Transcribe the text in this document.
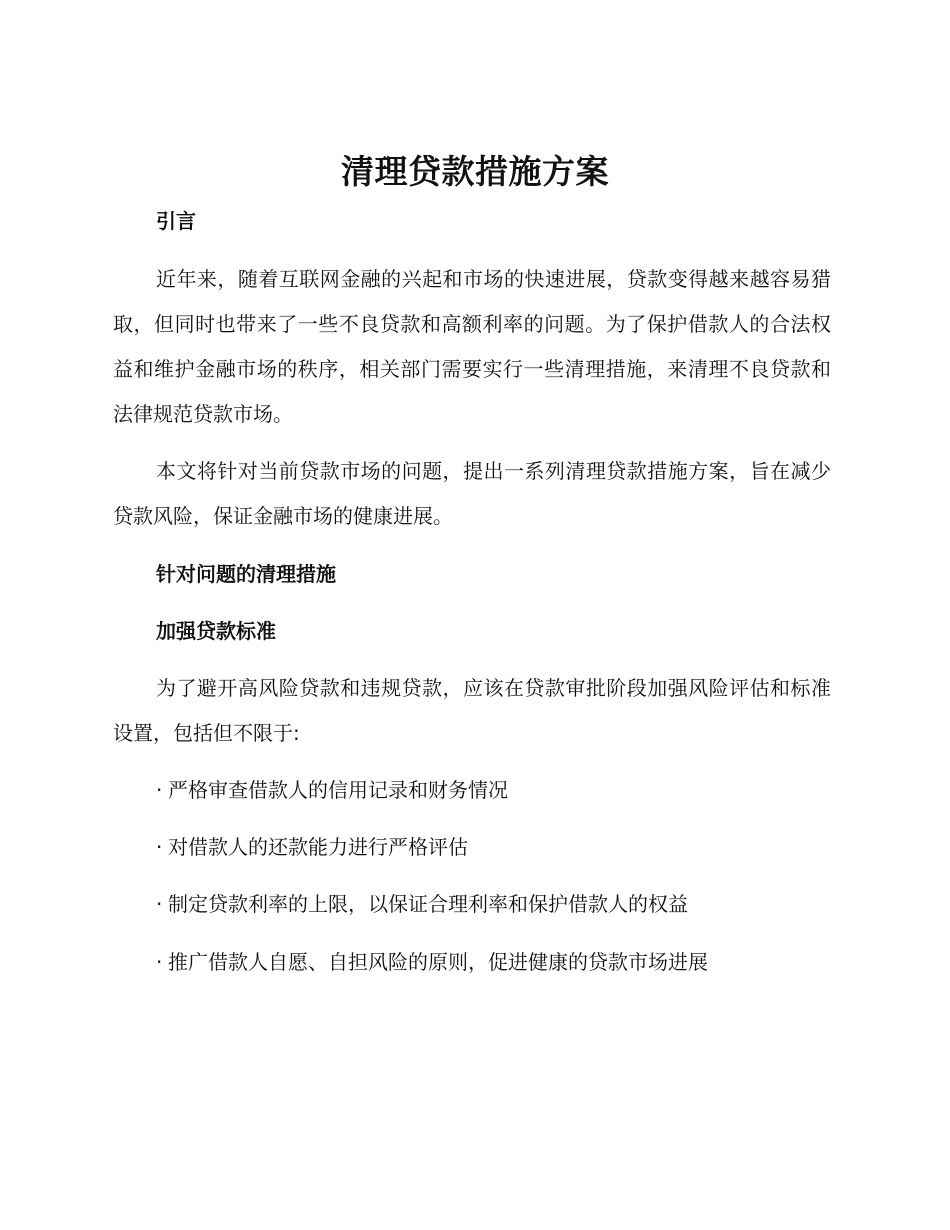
清理贷款措施方案
引言

近年来，随着互联网金融的兴起和市场的快速进展，贷款变得越来越容易猎取，但同时也带来了一些不良贷款和高额利率的问题。为了保护借款人的合法权益和维护金融市场的秩序，相关部门需要实行一些清理措施，来清理不良贷款和法律规范贷款市场。

本文将针对当前贷款市场的问题，提出一系列清理贷款措施方案，旨在减少贷款风险，保证金融市场的健康进展。

针对问题的清理措施
加强贷款标准

为了避开高风险贷款和违规贷款，应该在贷款审批阶段加强风险评估和标准设置，包括但不限于:

· 严格审查借款人的信用记录和财务情况
· 对借款人的还款能力进行严格评估
· 制定贷款利率的上限，以保证合理利率和保护借款人的权益
· 推广借款人自愿、自担风险的原则，促进健康的贷款市场进展
